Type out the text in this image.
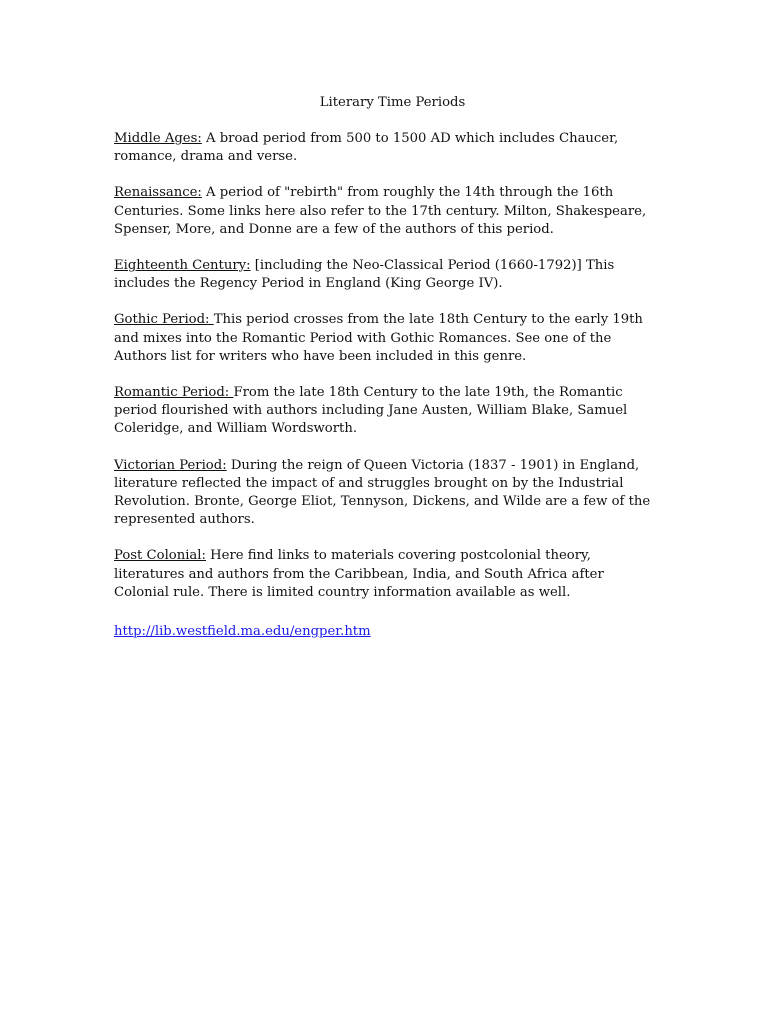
Literary Time Periods

Middle Ages: A broad period from 500 to 1500 AD which includes Chaucer, romance, drama and verse.

Renaissance: A period of "rebirth" from roughly the 14th through the 16th Centuries. Some links here also refer to the 17th century. Milton, Shakespeare, Spenser, More, and Donne are a few of the authors of this period.

Eighteenth Century: [including the Neo-Classical Period (1660-1792)] This includes the Regency Period in England (King George IV).

Gothic Period: This period crosses from the late 18th Century to the early 19th and mixes into the Romantic Period with Gothic Romances. See one of the Authors list for writers who have been included in this genre.

Romantic Period: From the late 18th Century to the late 19th, the Romantic period flourished with authors including Jane Austen, William Blake, Samuel Coleridge, and William Wordsworth.

Victorian Period: During the reign of Queen Victoria (1837 - 1901) in England, literature reflected the impact of and struggles brought on by the Industrial Revolution. Bronte, George Eliot, Tennyson, Dickens, and Wilde are a few of the represented authors.

Post Colonial: Here find links to materials covering postcolonial theory, literatures and authors from the Caribbean, India, and South Africa after Colonial rule. There is limited country information available as well.

http://lib.westfield.ma.edu/engper.htm
